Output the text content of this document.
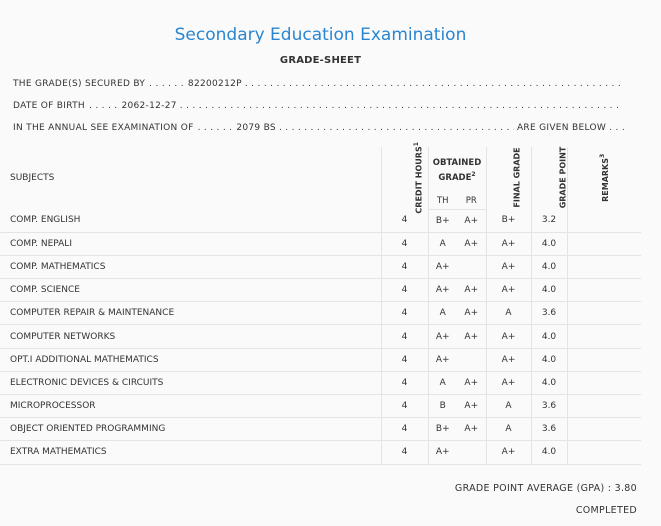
Secondary Education Examination
GRADE-SHEET
THE GRADE(S) SECURED BY . . . . . . 82200212P
. . .
DATE OF BIRTH . . . . . 2062-12-27
. . .
IN THE ANNUAL SEE EXAMINATION OF . . . . . . 2079 BS . . .	ARE GIVEN BELOW . . .
SUBJECTS	CREDIT HOURS$^1$	OBTAINED GRADE$^2$		FINAL GRADE	GRADE POINT	REMARKS$^3$
		TH	PR			
COMP. ENGLISH	4	B+	A+	B+	3.2	
COMP. NEPALI	4	A	A+	A+	4.0	
COMP. MATHEMATICS	4	A+		A+	4.0	
COMP. SCIENCE	4	A+	A+	A+	4.0	
COMPUTER REPAIR & MAINTENANCE	4	A	A+	A	3.6	
COMPUTER NETWORKS	4	A+	A+	A+	4.0	
OPT.I ADDITIONAL MATHEMATICS	4	A+		A+	4.0	
ELECTRONIC DEVICES & CIRCUITS	4	A	A+	A+	4.0	
MICROPROCESSOR	4	B	A+	A	3.6	
OBJECT ORIENTED PROGRAMMING	4	B+	A+	A	3.6	
EXTRA MATHEMATICS	4	A+		A+	4.0	
GRADE POINT AVERAGE (GPA) : 3.80
COMPLETED
